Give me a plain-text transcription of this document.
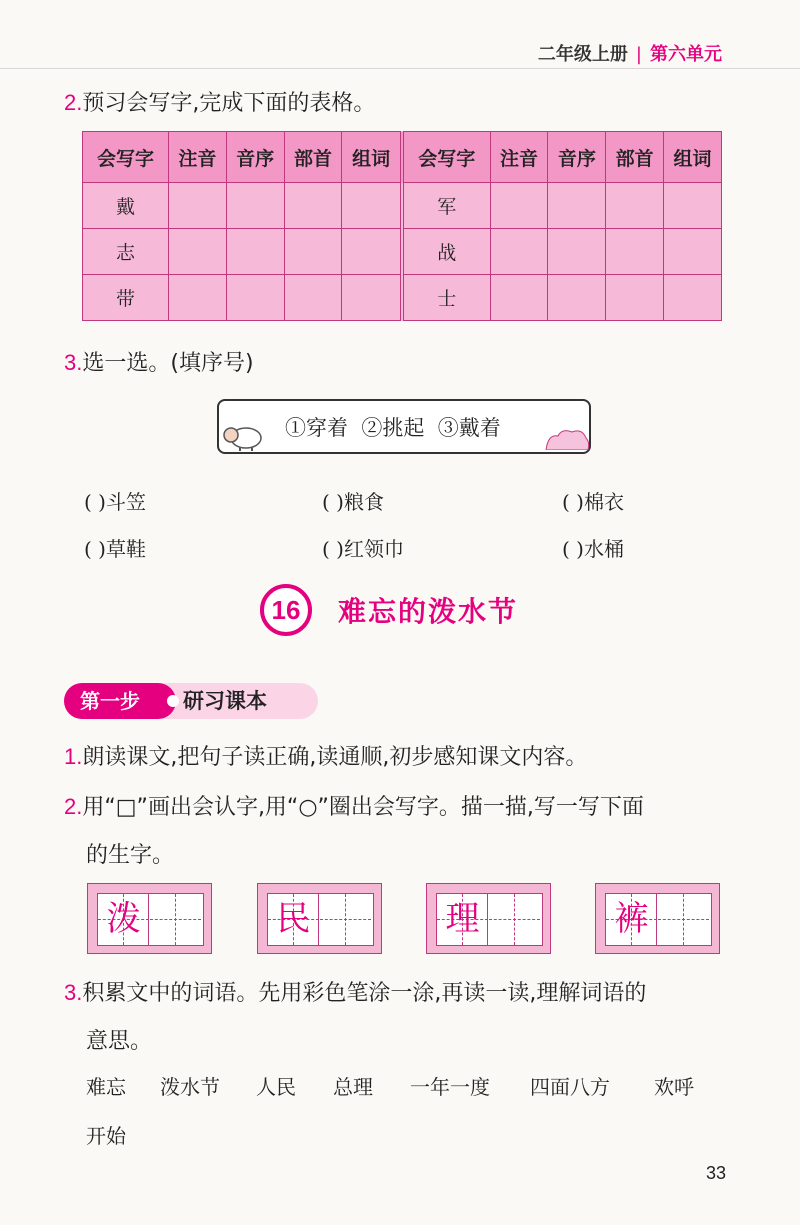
二年级上册 | 第六单元
2.预习会写字,完成下面的表格。
会写字	注音	音序	部首	组词	会写字	注音	音序	部首	组词
戴					军				
志					战				
带					士				
3.选一选。(填序号)
①穿着  ②挑起  ③戴着
( )斗笠	( )粮食	( )棉衣
( )草鞋	( )红领巾	( )水桶
16	难忘的泼水节
第一步	研习课本
1.朗读课文,把句子读正确,读通顺,初步感知课文内容。
2.用“□”画出会认字,用“○”圈出会写字。描一描,写一写下面
的生字。
泼	民	理	裤
3.积累文中的词语。先用彩色笔涂一涂,再读一读,理解词语的
意思。
难忘 泼水节 人民 总理 一年一度 四面八方 欢呼
开始
33
